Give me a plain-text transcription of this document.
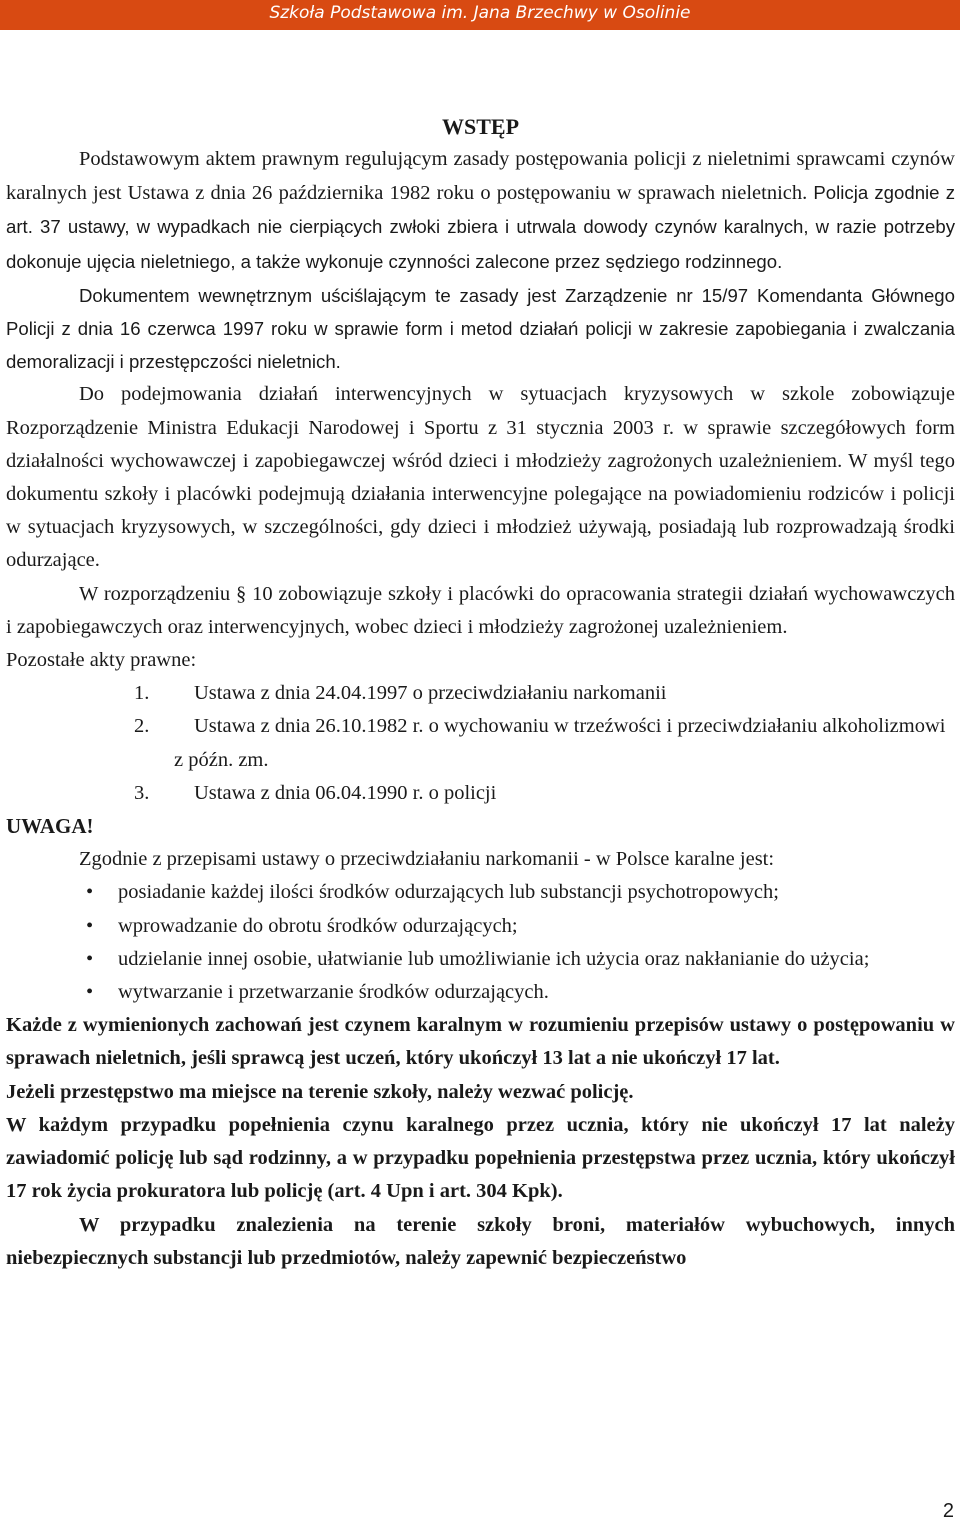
Szkoła Podstawowa im. Jana Brzechwy w Osolinie
WSTĘP

Podstawowym aktem prawnym regulującym zasady postępowania policji z nieletnimi sprawcami czynów karalnych jest Ustawa z dnia 26 października 1982 roku o postępowaniu w sprawach nieletnich. Policja zgodnie z art. 37 ustawy, w wypadkach nie cierpiących zwłoki zbiera i utrwala dowody czynów karalnych, w razie potrzeby dokonuje ujęcia nieletniego, a także wykonuje czynności zalecone przez sędziego rodzinnego.

Dokumentem wewnętrznym uściślającym te zasady jest Zarządzenie nr 15/97 Komendanta Głównego Policji z dnia 16 czerwca 1997 roku w sprawie form i metod działań policji w zakresie zapobiegania i zwalczania demoralizacji i przestępczości nieletnich.

Do podejmowania działań interwencyjnych w sytuacjach kryzysowych w szkole zobowiązuje Rozporządzenie Ministra Edukacji Narodowej i Sportu z 31 stycznia 2003 r. w sprawie szczegółowych form działalności wychowawczej i zapobiegawczej wśród dzieci i młodzieży zagrożonych uzależnieniem. W myśl tego dokumentu szkoły i placówki podejmują działania interwencyjne polegające na powiadomieniu rodziców i policji w sytuacjach kryzysowych, w szczególności, gdy dzieci i młodzież używają, posiadają lub rozprowadzają środki odurzające.

W rozporządzeniu § 10 zobowiązuje szkoły i placówki do opracowania strategii działań wychowawczych i zapobiegawczych oraz interwencyjnych, wobec dzieci i młodzieży zagrożonej uzależnieniem.

Pozostałe akty prawne:

1. Ustawa z dnia 24.04.1997 o przeciwdziałaniu narkomanii
2. Ustawa z dnia 26.10.1982 r. o wychowaniu w trzeźwości i przeciwdziałaniu alkoholizmowi z późn. zm.
3. Ustawa z dnia 06.04.1990 r. o policji

UWAGA!

Zgodnie z przepisami ustawy o przeciwdziałaniu narkomanii - w Polsce karalne jest:

• posiadanie każdej ilości środków odurzających lub substancji psychotropowych;
• wprowadzanie do obrotu środków odurzających;
• udzielanie innej osobie, ułatwianie lub umożliwianie ich użycia oraz nakłanianie do użycia;
• wytwarzanie i przetwarzanie środków odurzających.

Każde z wymienionych zachowań jest czynem karalnym w rozumieniu przepisów ustawy o postępowaniu w sprawach nieletnich, jeśli sprawcą jest uczeń, który ukończył 13 lat a nie ukończył 17 lat.

Jeżeli przestępstwo ma miejsce na terenie szkoły, należy wezwać policję.

W każdym przypadku popełnienia czynu karalnego przez ucznia, który nie ukończył 17 lat należy zawiadomić policję lub sąd rodzinny, a w przypadku popełnienia przestępstwa przez ucznia, który ukończył 17 rok życia prokuratora lub policję (art. 4 Upn i art. 304 Kpk).

W przypadku znalezienia na terenie szkoły broni, materiałów wybuchowych, innych niebezpiecznych substancji lub przedmiotów, należy zapewnić bezpieczeństwo

2
